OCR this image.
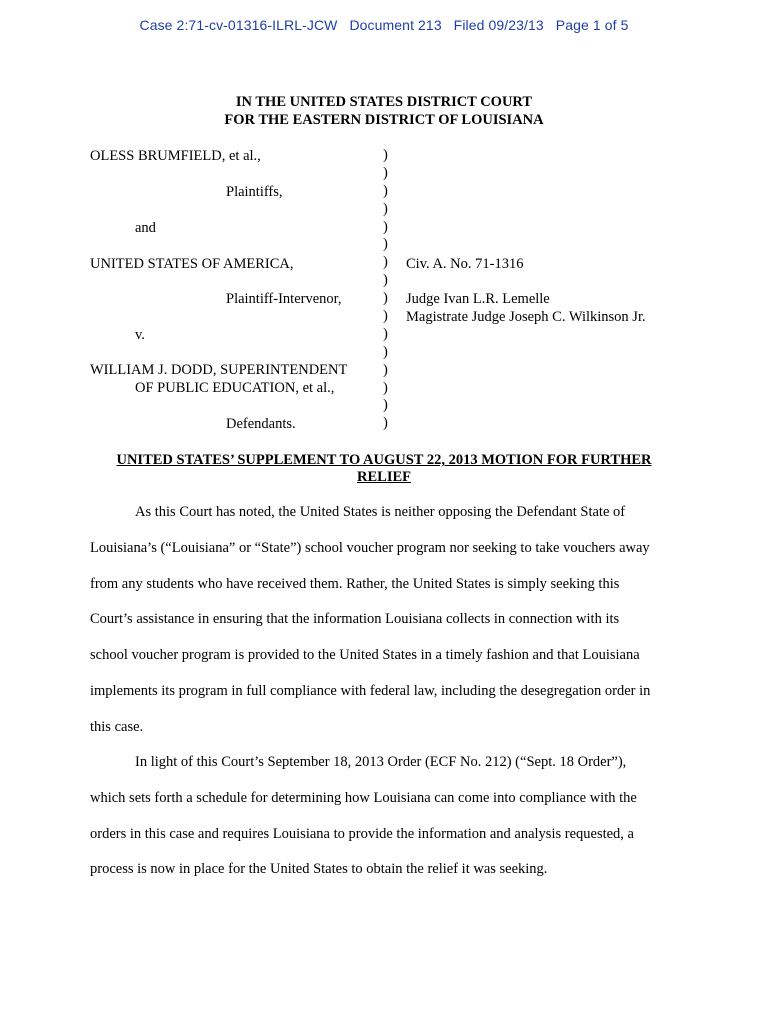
Case 2:71-cv-01316-ILRL-JCW   Document 213   Filed 09/23/13   Page 1 of 5
IN THE UNITED STATES DISTRICT COURT
FOR THE EASTERN DISTRICT OF LOUISIANA
OLESS BRUMFIELD, et al.,
Plaintiffs,
and
UNITED STATES OF AMERICA,
Plaintiff-Intervenor,
v.
WILLIAM J. DODD, SUPERINTENDENT
OF PUBLIC EDUCATION, et al.,
Defendants.
)
)
)
)
)
)
)
)
)
)
)
)
)
)
)
)
Civ. A. No. 71-1316
Judge Ivan L.R. Lemelle
Magistrate Judge Joseph C. Wilkinson Jr.
UNITED STATES’ SUPPLEMENT TO AUGUST 22, 2013 MOTION FOR FURTHER RELIEF
As this Court has noted, the United States is neither opposing the Defendant State of
Louisiana’s (“Louisiana” or “State”) school voucher program nor seeking to take vouchers away
from any students who have received them. Rather, the United States is simply seeking this
Court’s assistance in ensuring that the information Louisiana collects in connection with its
school voucher program is provided to the United States in a timely fashion and that Louisiana
implements its program in full compliance with federal law, including the desegregation order in
this case.
In light of this Court’s September 18, 2013 Order (ECF No. 212) (“Sept. 18 Order”),
which sets forth a schedule for determining how Louisiana can come into compliance with the
orders in this case and requires Louisiana to provide the information and analysis requested, a
process is now in place for the United States to obtain the relief it was seeking.
